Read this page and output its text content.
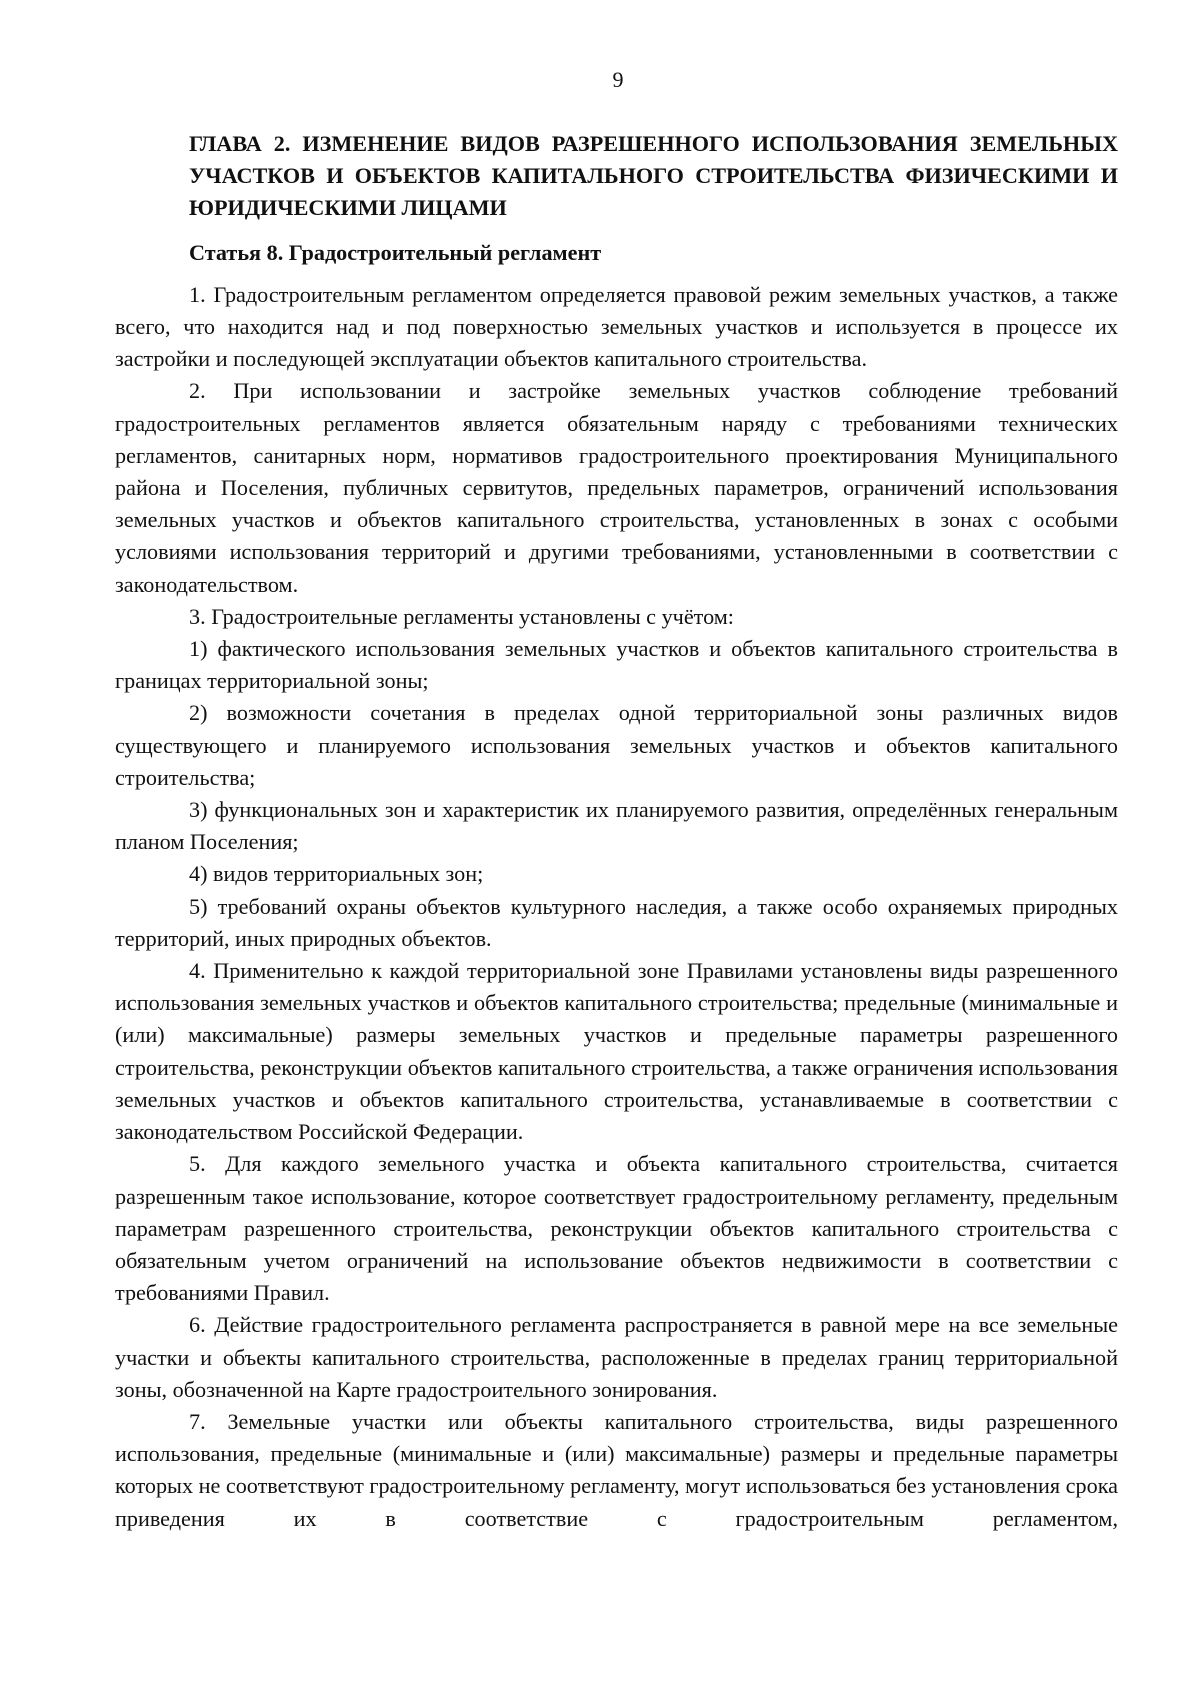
9
ГЛАВА 2. ИЗМЕНЕНИЕ ВИДОВ РАЗРЕШЕННОГО ИСПОЛЬЗОВАНИЯ ЗЕМЕЛЬНЫХ УЧАСТКОВ И ОБЪЕКТОВ КАПИТАЛЬНОГО СТРОИТЕЛЬСТВА ФИЗИЧЕСКИМИ И ЮРИДИЧЕСКИМИ ЛИЦАМИ
Статья 8. Градостроительный регламент

1. Градостроительным регламентом определяется правовой режим земельных участков, а также всего, что находится над и под поверхностью земельных участков и используется в процессе их застройки и последующей эксплуатации объектов капитального строительства.

2. При использовании и застройке земельных участков соблюдение требований градостроительных регламентов является обязательным наряду с требованиями технических регламентов, санитарных норм, нормативов градостроительного проектирования Муниципального района и Поселения, публичных сервитутов, предельных параметров, ограничений использования земельных участков и объектов капитального строительства, установленных в зонах с особыми условиями использования территорий и другими требованиями, установленными в соответствии с законодательством.

3. Градостроительные регламенты установлены с учётом:

1) фактического использования земельных участков и объектов капитального строительства в границах территориальной зоны;

2) возможности сочетания в пределах одной территориальной зоны различных видов существующего и планируемого использования земельных участков и объектов капитального строительства;

3) функциональных зон и характеристик их планируемого развития, определённых генеральным планом Поселения;

4) видов территориальных зон;

5) требований охраны объектов культурного наследия, а также особо охраняемых природных территорий, иных природных объектов.

4. Применительно к каждой территориальной зоне Правилами установлены виды разрешенного использования земельных участков и объектов капитального строительства; предельные (минимальные и (или) максимальные) размеры земельных участков и предельные параметры разрешенного строительства, реконструкции объектов капитального строительства, а также ограничения использования земельных участков и объектов капитального строительства, устанавливаемые в соответствии с законодательством Российской Федерации.

5. Для каждого земельного участка и объекта капитального строительства, считается разрешенным такое использование, которое соответствует градостроительному регламенту, предельным параметрам разрешенного строительства, реконструкции объектов капитального строительства с обязательным учетом ограничений на использование объектов недвижимости в соответствии с требованиями Правил.

6. Действие градостроительного регламента распространяется в равной мере на все земельные участки и объекты капитального строительства, расположенные в пределах границ территориальной зоны, обозначенной на Карте градостроительного зонирования.

7. Земельные участки или объекты капитального строительства, виды разрешенного использования, предельные (минимальные и (или) максимальные) размеры и предельные параметры которых не соответствуют градостроительному регламенту, могут использоваться без установления срока приведения их в соответствие с градостроительным регламентом,
